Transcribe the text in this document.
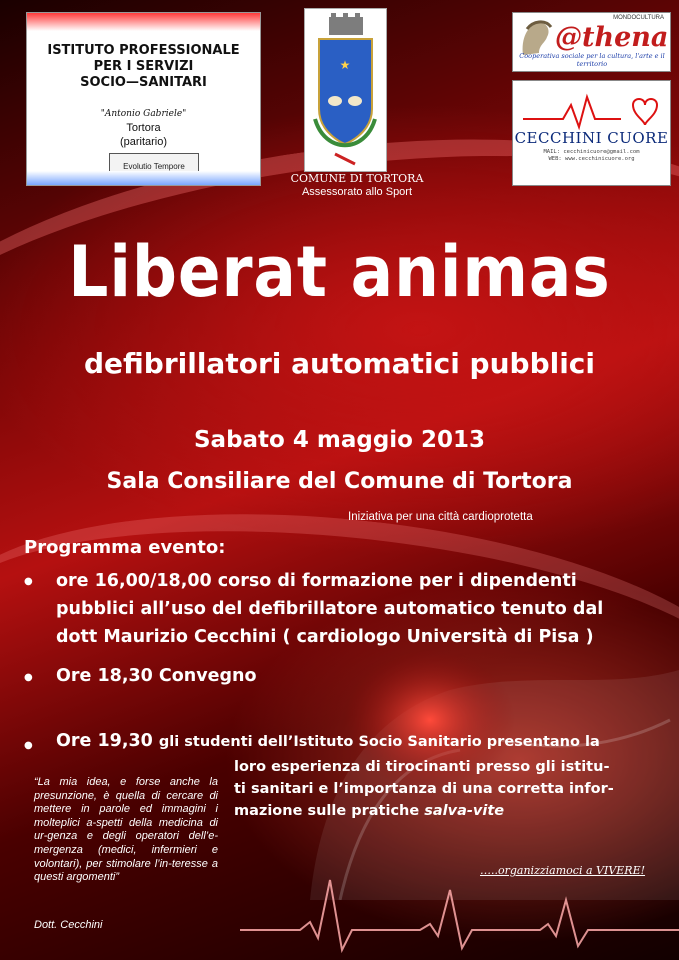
ISTITUTO PROFESSIONALE
PER I SERVIZI
SOCIO—SANITARI
"Antonio Gabriele"
Tortora
(paritario)
Evolutio Tempore
★
COMUNE DI TORTORA
Assessorato allo Sport
MONDOCULTURA
@thena
Cooperativa sociale per la cultura, l'arte e il territorio
CECCHINI CUORE
MAIL: cecchinicuore@gmail.com
WEB: www.cecchinicuore.org
Liberat animas
defibrillatori automatici pubblici
Sabato 4 maggio 2013
Sala Consiliare del Comune di Tortora
Iniziativa per una città cardioprotetta
Programma evento:
● ore 16,00/18,00 corso di formazione per i dipendenti
pubblici all’uso del defibrillatore automatico tenuto dal
dott Maurizio Cecchini ( cardiologo Università di Pisa )
● Ore 18,30 Convegno
● Ore 19,30 gli studenti dell’Istituto Socio Sanitario presentano la
loro esperienza di tirocinanti presso gli istitu-
ti sanitari e l’importanza di una corretta infor-
mazione sulle pratiche salva-vite
“La mia idea, e forse anche la presunzione, è quella di cercare di mettere in parole ed immagini i molteplici a-spetti della medicina di ur-genza e degli operatori dell’e-mergenza (medici, infermieri e volontari), per stimolare l’in-teresse a questi argomenti”
Dott. Cecchini
…..organizziamoci a VIVERE!
